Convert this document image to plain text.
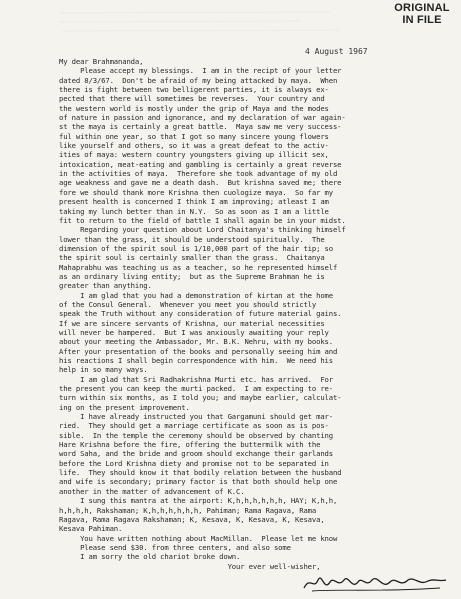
ORIGINAL
IN FILE
4 August 1967
My dear Brahmananda,
Please accept my blessings.  I am in the recipt of your letter
dated 8/3/67.  Don't be afraid of my being attacked by maya.  When
there is fight between two belligerent parties, it is always ex-
pected that there will sometimes be reverses.  Your country and
the western world is mostly under the grip of Maya and the modes
of nature in passion and ignorance, and my declaration of war again-
st the maya is certainly a great battle.  Maya saw me very success-
ful within one year, so that I got so many sincere young flowers
like yourself and others, so it was a great defeat to the activ-
ities of maya: western country youngsters giving up illicit sex,
intoxication, meat-eating and gambling is certainly a great reverse
in the activities of maya.  Therefore she took advantage of my old
age weakness and gave me a death dash.  But krishna saved me; there
fore we should thank more Krishna then cuologize maya.  So far my
present health is concerned I think I am improving; atleast I am
taking my lunch better than in N.Y.  So as soon as I am a little
fit to return to the field of battle I shall again be in your midst.
Regarding your question about Lord Chaitanya's thinking himself
lower than the grass, it should be understood spiritually.  The
dimension of the spirit soul is 1/10,000 part of the hair tip; so
the spirit soul is certainly smaller than the grass.  Chaitanya
Mahaprabhu was teaching us as a teacher, so he represented himself
as an ordinary living entity;  but as the Supreme Brahman he is
greater than anything.
I am glad that you had a demonstration of kirtan at the home
of the Consul General.  Whenever you meet you should strictly
speak the Truth without any consideration of future material gains.
If we are sincere servants of Krishna, our material necessities
will never be hampered.  But I was anxiously awaiting your reply
about your meeting the Ambassador, Mr. B.K. Nehru, with my books.
After your presentation of the books and personally seeing him and
his reactions I shall begin correspondence with him.  We need his
help in so many ways.
I am glad that Sri Radhakrishna Murti etc. has arrived.  For
the present you can keep the murti packed.  I am expecting to re-
turn within six months, as I told you; and maybe earlier, calculat-
ing on the present improvement.
I have already instructed you that Gargamuni should get mar-
ried.  They should get a marriage certificate as soon as is pos-
sible.  In the temple the ceremony should be observed by chanting
Hare Krishna before the fire, offering the buttermilk with the
word Saha, and the bride and groom should exchange their garlands
before the Lord Krishna diety and promise not to be separated in
life.  They should know it that bodily relation between the husband
and wife is secondary; primary factor is that both should help one
another in the matter of advancement of K.C.
I sung this mantra at the airport: K,h,h,h,h,h,h, HAY; K,h,h,
h,h,h,h, Rakshaman; K,h,h,h,h,h,h, Pahiman; Rama Ragava, Rama
Ragava, Rama Ragava Rakshaman; K, Kesava, K, Kesava, K, Kesava,
Kesava Pahiman.
You have written nothing about MacMillan.  Please let me know
Please send $30. from three centers, and also some
I am sorry the old chariot broke down.
Your ever well-wisher,
